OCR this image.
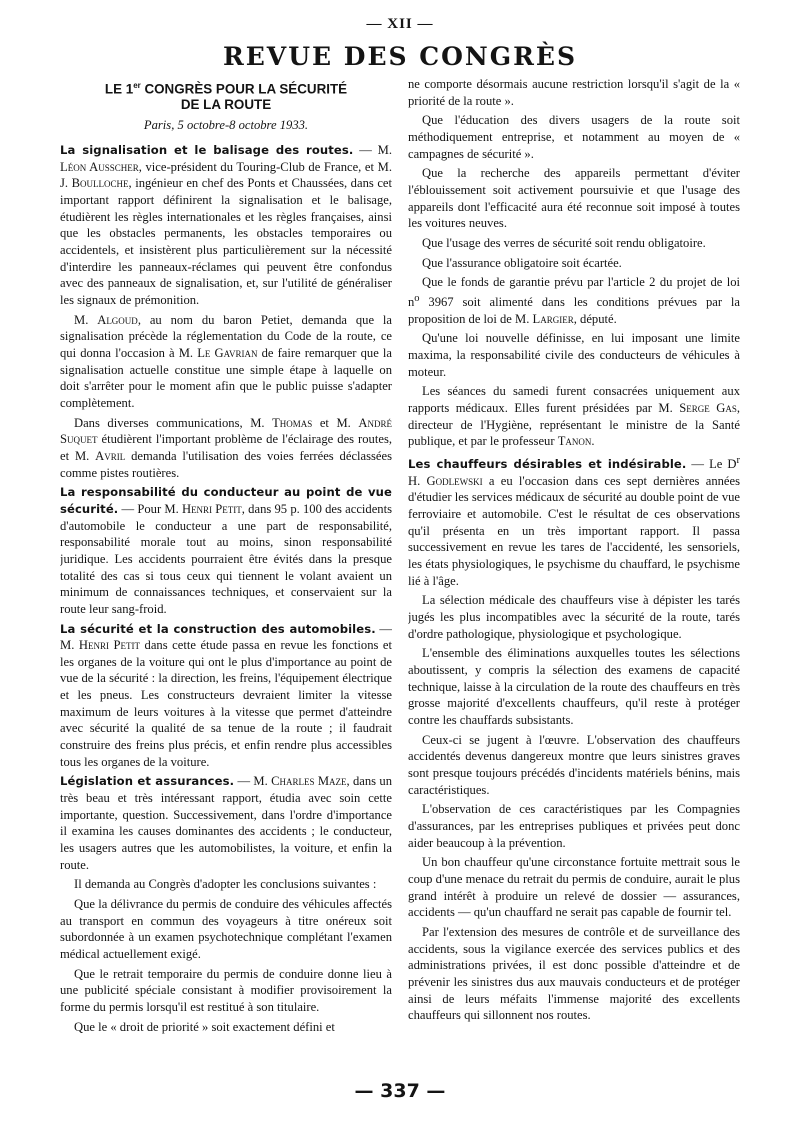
— XII —
REVUE DES CONGRÈS
LE 1er CONGRÈS POUR LA SÉCURITÉ
DE LA ROUTE
Paris, 5 octobre-8 octobre 1933.

La signalisation et le balisage des routes. — M. Léon Ausscher, vice-président du Touring-Club de France, et M. J. Boulloche, ingénieur en chef des Ponts et Chaussées, dans cet important rapport définirent la signalisation et le balisage, étudièrent les règles internationales et les règles françaises, ainsi que les obstacles permanents, les obstacles temporaires ou accidentels, et insistèrent plus particulièrement sur la nécessité d'interdire les panneaux-réclames qui peuvent être confondus avec des panneaux de signalisation, et, sur l'utilité de généraliser les signaux de prémonition.

M. Algoud, au nom du baron Petiet, demanda que la signalisation précède la réglementation du Code de la route, ce qui donna l'occasion à M. Le Gavrian de faire remarquer que la signalisation actuelle constitue une simple étape à laquelle on doit s'arrêter pour le moment afin que le public puisse s'adapter complètement.

Dans diverses communications, M. Thomas et M. André Suquet étudièrent l'important problème de l'éclairage des routes, et M. Avril demanda l'utilisation des voies ferrées déclassées comme pistes routières.

La responsabilité du conducteur au point de vue sécurité. — Pour M. Henri Petit, dans 95 p. 100 des accidents d'automobile le conducteur a une part de responsabilité, responsabilité morale tout au moins, sinon responsabilité juridique. Les accidents pourraient être évités dans la presque totalité des cas si tous ceux qui tiennent le volant avaient un minimum de connaissances techniques, et conservaient sur la route leur sang-froid.

La sécurité et la construction des automobiles. — M. Henri Petit dans cette étude passa en revue les fonctions et les organes de la voiture qui ont le plus d'importance au point de vue de la sécurité : la direction, les freins, l'équipement électrique et les pneus. Les constructeurs devraient limiter la vitesse maximum de leurs voitures à la vitesse que permet d'atteindre avec sécurité la qualité de sa tenue de la route ; il faudrait construire des freins plus précis, et enfin rendre plus accessibles tous les organes de la voiture.

Législation et assurances. — M. Charles Maze, dans un très beau et très intéressant rapport, étudia avec soin cette importante, question. Successivement, dans l'ordre d'importance il examina les causes dominantes des accidents ; le conducteur, les usagers autres que les automobilistes, la voiture, et enfin la route.

Il demanda au Congrès d'adopter les conclusions suivantes :

Que la délivrance du permis de conduire des véhicules affectés au transport en commun des voyageurs à titre onéreux soit subordonnée à un examen psychotechnique complétant l'examen médical actuellement exigé.

Que le retrait temporaire du permis de conduire donne lieu à une publicité spéciale consistant à modifier provisoirement la forme du permis lorsqu'il est restitué à son titulaire.

Que le « droit de priorité » soit exactement défini et

ne comporte désormais aucune restriction lorsqu'il s'agit de la « priorité de la route ».

Que l'éducation des divers usagers de la route soit méthodiquement entreprise, et notamment au moyen de « campagnes de sécurité ».

Que la recherche des appareils permettant d'éviter l'éblouissement soit activement poursuivie et que l'usage des appareils dont l'efficacité aura été reconnue soit imposé à toutes les voitures neuves.

Que l'usage des verres de sécurité soit rendu obligatoire.

Que l'assurance obligatoire soit écartée.

Que le fonds de garantie prévu par l'article 2 du projet de loi $n^o$ 3967 soit alimenté dans les conditions prévues par la proposition de loi de M. Largier, député.

Qu'une loi nouvelle définisse, en lui imposant une limite maxima, la responsabilité civile des conducteurs de véhicules à moteur.

Les séances du samedi furent consacrées uniquement aux rapports médicaux. Elles furent présidées par M. Serge Gas, directeur de l'Hygiène, représentant le ministre de la Santé publique, et par le professeur Tanon.

Les chauffeurs désirables et indésirable. — Le $D^r$ H. Godlewski a eu l'occasion dans ces sept dernières années d'étudier les services médicaux de sécurité au double point de vue ferroviaire et automobile. C'est le résultat de ces observations qu'il présenta en un très important rapport. Il passa successivement en revue les tares de l'accidenté, les sensoriels, les états physiologiques, le psychisme du chauffard, le psychisme lié à l'âge.

La sélection médicale des chauffeurs vise à dépister les tarés jugés les plus incompatibles avec la sécurité de la route, tarés d'ordre pathologique, physiologique et psychologique.

L'ensemble des éliminations auxquelles toutes les sélections aboutissent, y compris la sélection des examens de capacité technique, laisse à la circulation de la route des chauffeurs en très grosse majorité d'excellents chauffeurs, qu'il reste à protéger contre les chauffards subsistants.

Ceux-ci se jugent à l'œuvre. L'observation des chauffeurs accidentés devenus dangereux montre que leurs sinistres graves sont presque toujours précédés d'incidents matériels bénins, mais caractéristiques.

L'observation de ces caractéristiques par les Compagnies d'assurances, par les entreprises publiques et privées peut donc aider beaucoup à la prévention.

Un bon chauffeur qu'une circonstance fortuite mettrait sous le coup d'une menace du retrait du permis de conduire, aurait le plus grand intérêt à produire un relevé de dossier — assurances, accidents — qu'un chauffard ne serait pas capable de fournir tel.

Par l'extension des mesures de contrôle et de surveillance des accidents, sous la vigilance exercée des services publics et des administrations privées, il est donc possible d'atteindre et de prévenir les sinistres dus aux mauvais conducteurs et de protéger ainsi de leurs méfaits l'immense majorité des excellents chauffeurs qui sillonnent nos routes.

— 337 —
